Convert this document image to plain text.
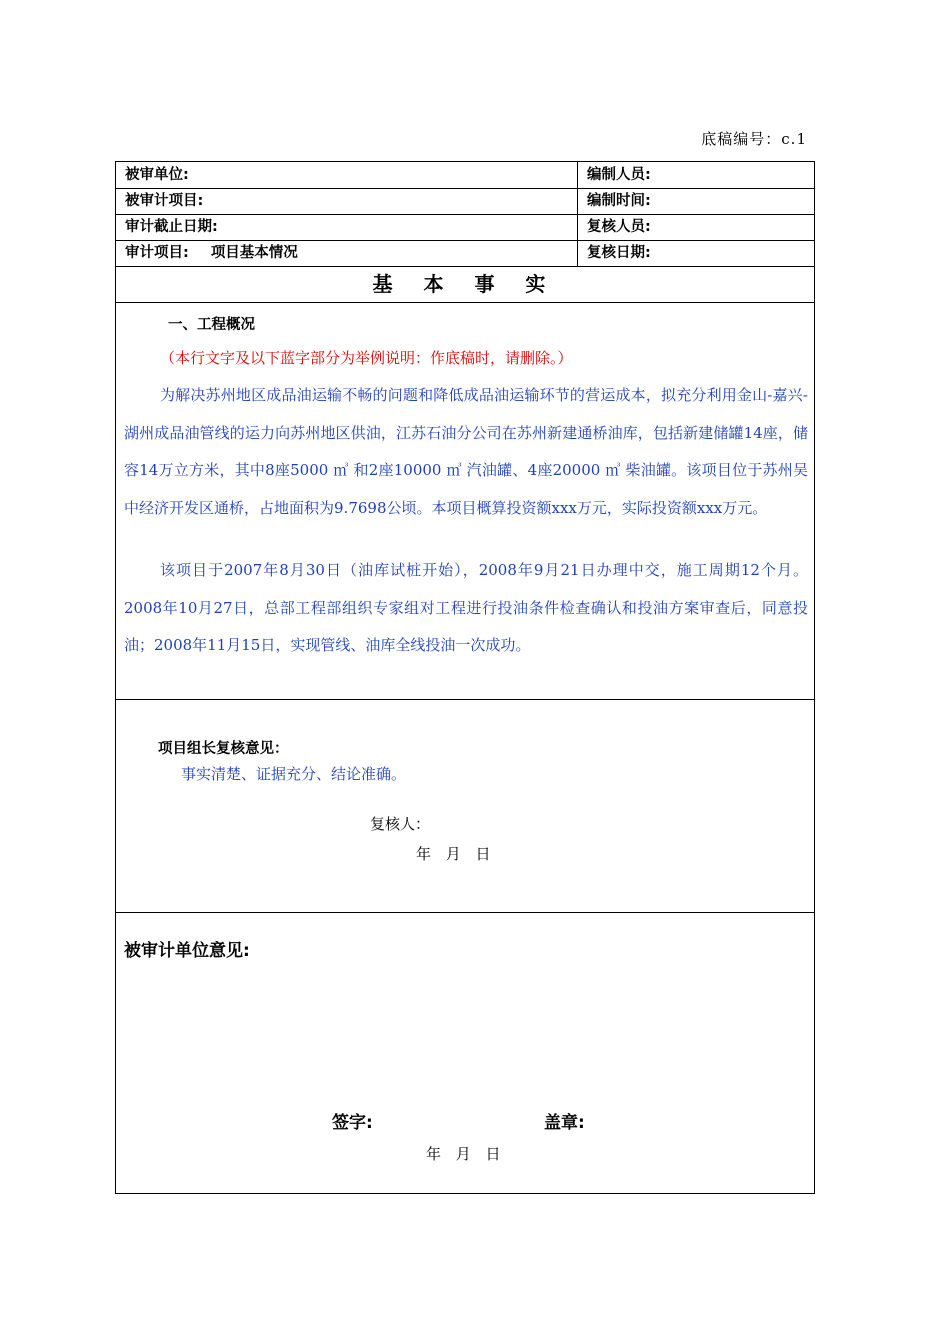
底稿编号：c.1
被审单位:	编制人员:
被审计项目:	编制时间:
审计截止日期:	复核人员:
审计项目: 项目基本情况	复核日期:
基 本 事 实
一、工程概况
（本行文字及以下蓝字部分为举例说明：作底稿时，请删除。）

为解决苏州地区成品油运输不畅的问题和降低成品油运输环节的营运成本，拟充分利用金山-嘉兴-湖州成品油管线的运力向苏州地区供油，江苏石油分公司在苏州新建通桥油库，包括新建储罐14座，储容14万立方米，其中8座5000 ㎥ 和2座10000 ㎥ 汽油罐、4座20000 ㎥ 柴油罐。该项目位于苏州吴中经济开发区通桥，占地面积为9.7698公顷。本项目概算投资额xxx万元，实际投资额xxx万元。

该项目于2007年8月30日（油库试桩开始），2008年9月21日办理中交，施工周期12个月。2008年10月27日，总部工程部组织专家组对工程进行投油条件检查确认和投油方案审查后，同意投油；2008年11月15日，实现管线、油库全线投油一次成功。

项目组长复核意见：
事实清楚、证据充分、结论准确。
复核人：
年 月 日
被审计单位意见:
签字:	盖章:
年 月 日
